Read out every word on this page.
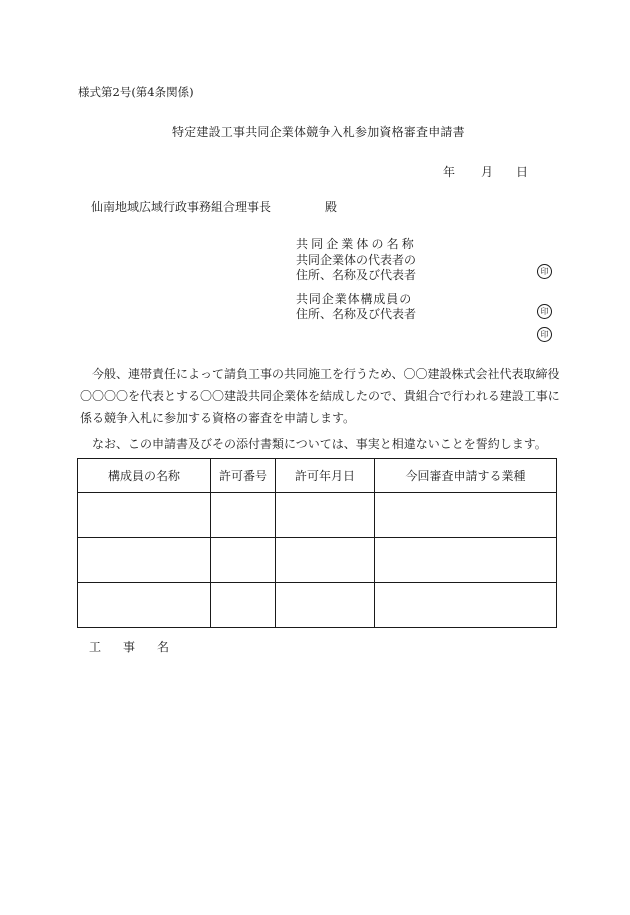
様式第2号(第4条関係)
特定建設工事共同企業体競争入札参加資格審査申請書
年 月 日
仙南地域広域行政事務組合理事長	殿
共同企業体の名称
共同企業体の代表者の
住所、名称及び代表者
共同企業体構成員の
住所、名称及び代表者
印
印
印
今般、連帯責任によって請負工事の共同施工を行うため、〇〇建設株式会社代表取締役〇〇〇〇を代表とする〇〇建設共同企業体を結成したので、貴組合で行われる建設工事に係る競争入札に参加する資格の審査を申請します。
なお、この申請書及びその添付書類については、事実と相違ないことを誓約します。
構成員の名称	許可番号	許可年月日	今回審査申請する業種

工事名
